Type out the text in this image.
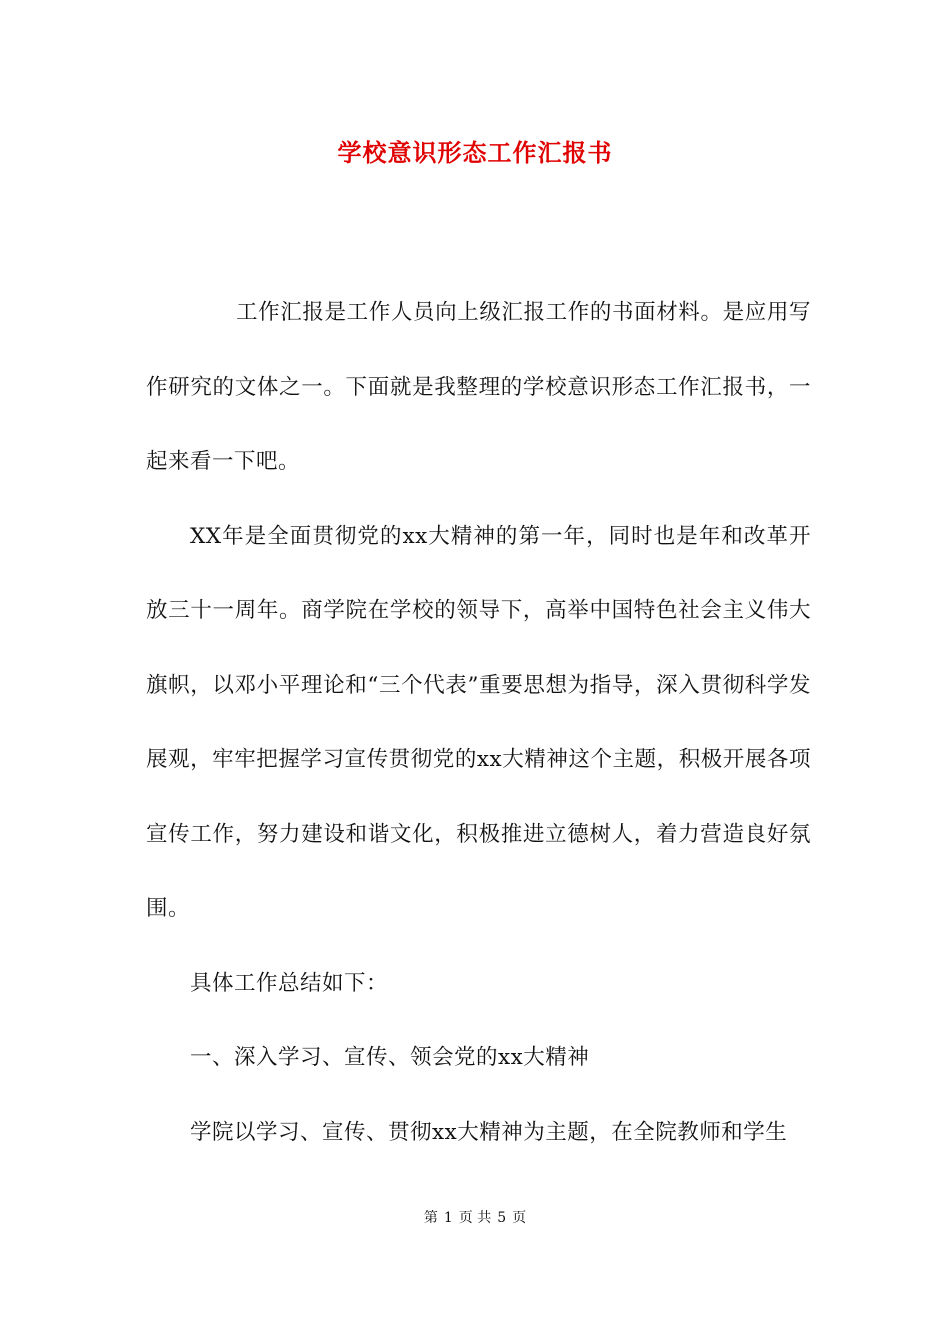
学校意识形态工作汇报书

工作汇报是工作人员向上级汇报工作的书面材料。是应用写作研究的文体之一。下面就是我整理的学校意识形态工作汇报书，一起来看一下吧。

XX年是全面贯彻党的xx大精神的第一年，同时也是年和改革开放三十一周年。商学院在学校的领导下，高举中国特色社会主义伟大旗帜，以邓小平理论和“三个代表”重要思想为指导，深入贯彻科学发展观，牢牢把握学习宣传贯彻党的xx大精神这个主题，积极开展各项宣传工作，努力建设和谐文化，积极推进立德树人，着力营造良好氛围。

具体工作总结如下：

一、深入学习、宣传、领会党的xx大精神

学院以学习、宣传、贯彻xx大精神为主题，在全院教师和学生

第 1 页 共 5 页
